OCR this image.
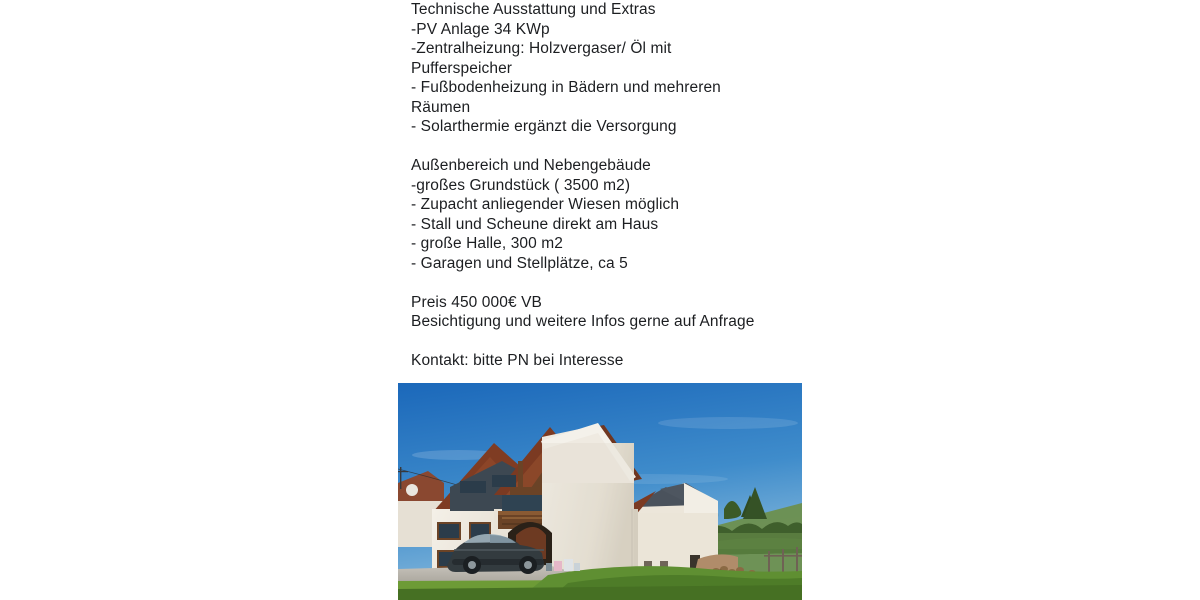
Technische Ausstattung und Extras
-PV Anlage 34 KWp
-Zentralheizung: Holzvergaser/ Öl mit
Pufferspeicher
- Fußbodenheizung in Bädern und mehreren
Räumen
- Solarthermie ergänzt die Versorgung

Außenbereich und Nebengebäude
-großes Grundstück ( 3500 m2)
- Zupacht anliegender Wiesen möglich
- Stall und Scheune direkt am Haus
- große Halle, 300 m2
- Garagen und Stellplätze, ca 5

Preis 450 000€ VB
Besichtigung und weitere Infos gerne auf Anfrage

Kontakt: bitte PN bei Interesse
